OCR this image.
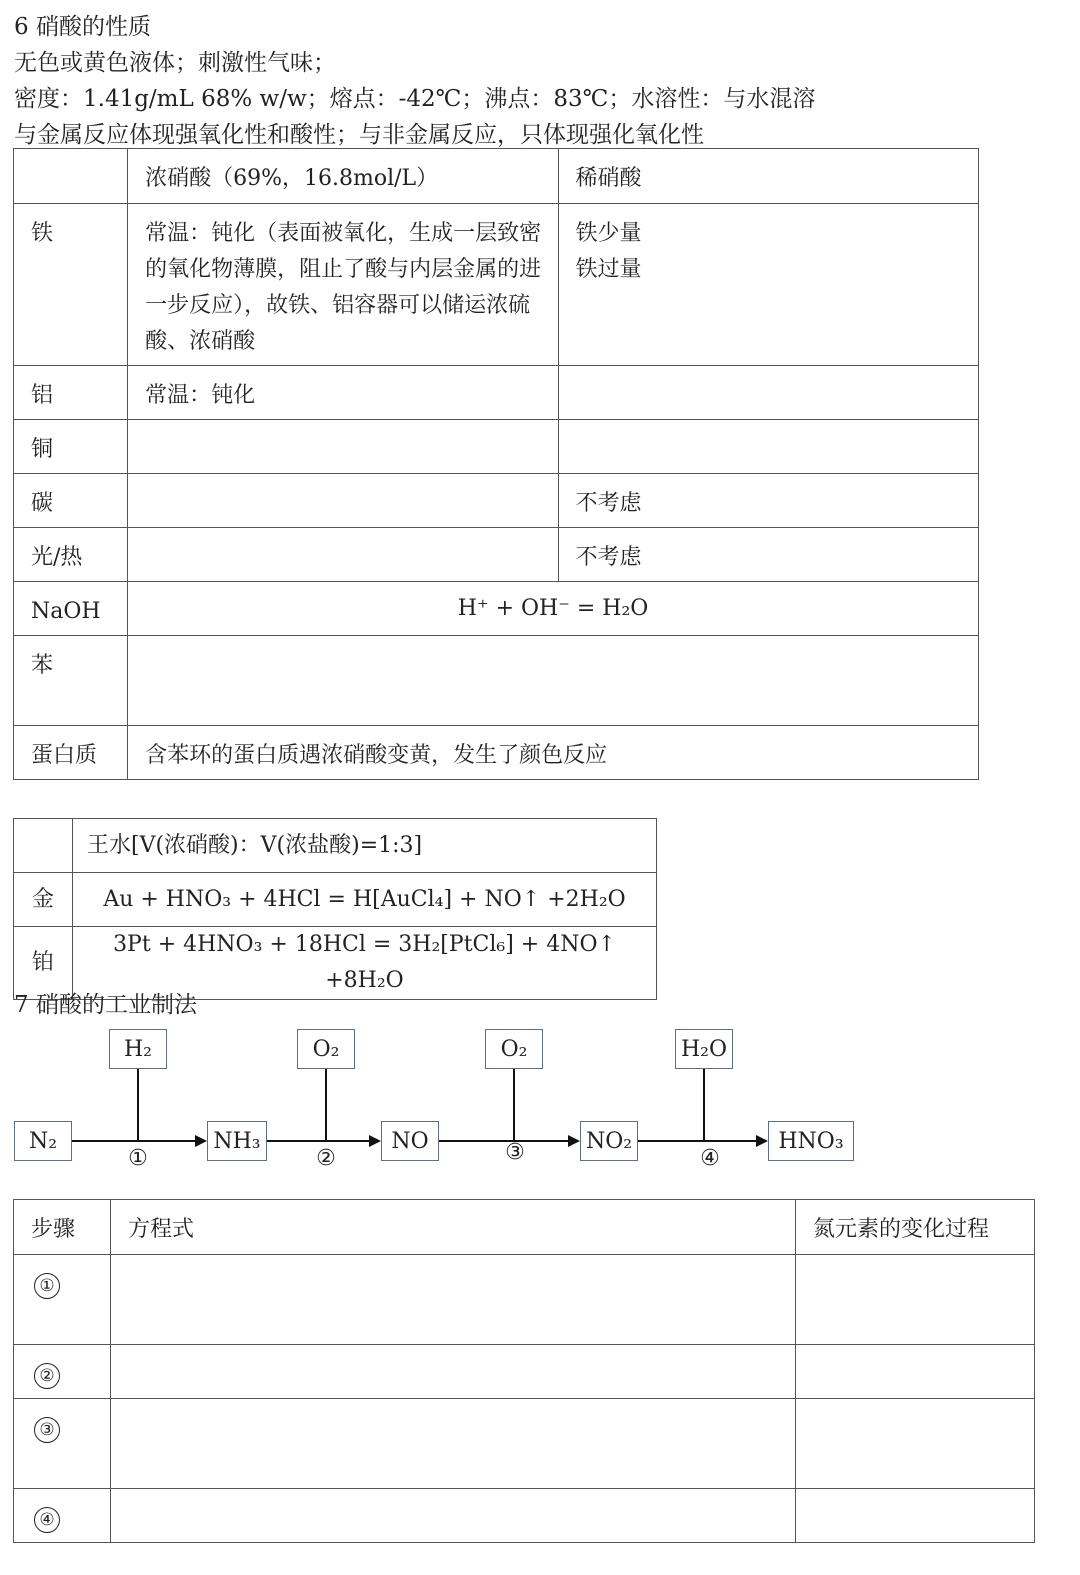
6 硝酸的性质
无色或黄色液体；刺激性气味；
密度：1.41g/mL 68% w/w；熔点：-42℃；沸点：83℃；水溶性：与水混溶
与金属反应体现强氧化性和酸性；与非金属反应，只体现强化氧化性
	浓硝酸（69%，16.8mol/L）	稀硝酸
铁	常温：钝化（表面被氧化，生成一层致密的氧化物薄膜，阻止了酸与内层金属的进一步反应），故铁、铝容器可以储运浓硫酸、浓硝酸	铁少量
铁过量
铝	常温：钝化	
铜		
碳		不考虑
光/热		不考虑
NaOH	H⁺ + OH⁻ = H₂O	
苯		
蛋白质	含苯环的蛋白质遇浓硝酸变黄，发生了颜色反应	
	王水[V(浓硝酸)：V(浓盐酸)=1:3]
金	Au + HNO₃ + 4HCl = H[AuCl₄] + NO↑ +2H₂O
铂	3Pt + 4HNO₃ + 18HCl = 3H₂[PtCl₆] + 4NO↑ +8H₂O
7 硝酸的工业制法
N₂	NH₃	NO	NO₂	HNO₃
H₂	O₂	O₂	H₂O
①	②	③	④
步骤	方程式	氮元素的变化过程
①		
②		
③		
④		
